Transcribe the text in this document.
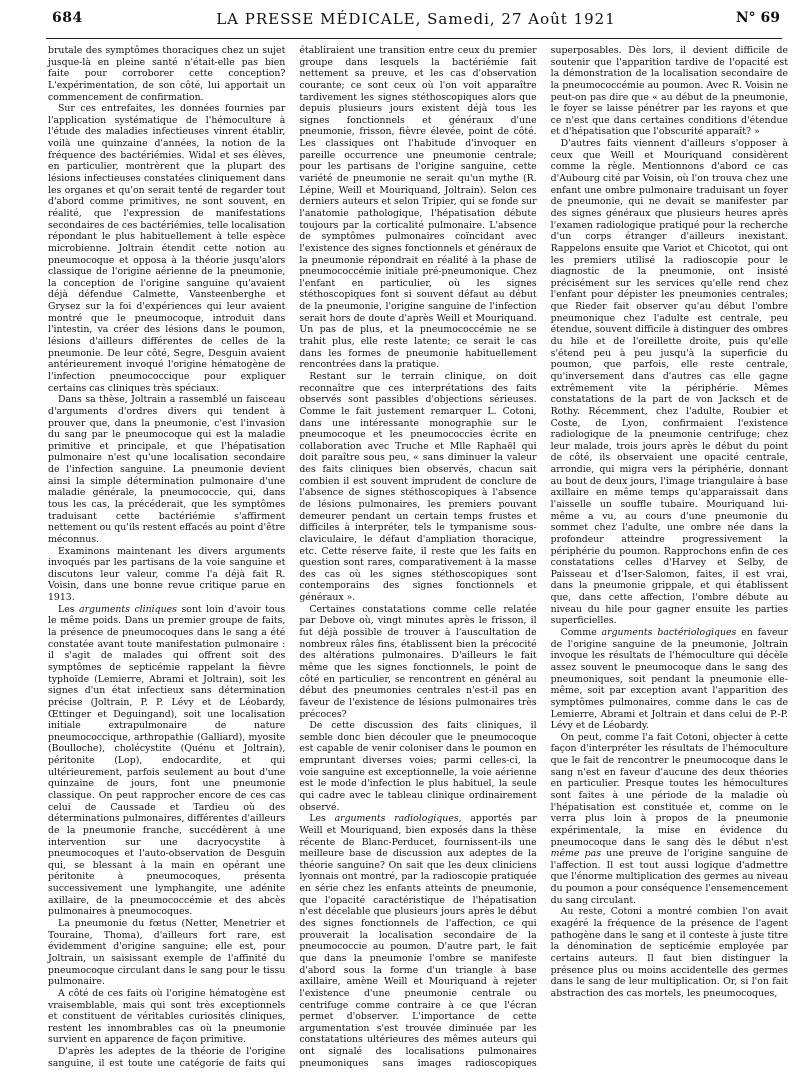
684	LA PRESSE MÉDICALE, Samedi, 27 Août 1921	N° 69

brutale des symptômes thoraciques chez un sujet jusque-là en pleine santé n'était-elle pas bien faite pour corroborer cette conception? L'expérimentation, de son côté, lui apportait un commencement de confirmation.

Sur ces entrefaites, les données fournies par l'application systématique de l'hémoculture à l'étude des maladies infectieuses vinrent établir, voilà une quinzaine d'années, la notion de la fréquence des bactériémies. Widal et ses élèves, en particulier, montrèrent que la plupart des lésions infectieuses constatées cliniquement dans les organes et qu'on serait tenté de regarder tout d'abord comme primitives, ne sont souvent, en réalité, que l'expression de manifestations secondaires de ces bactériémies, telle localisation répondant le plus habituellement à telle espèce microbienne. Joltrain étendit cette notion au pneumocoque et opposa à la théorie jusqu'alors classique de l'origine aérienne de la pneumonie, la conception de l'origine sanguine qu'avaient déjà défendue Calmette, Vansteenberghe et Grysez sur la foi d'expériences qui leur avaient montré que le pneumocoque, introduit dans l'intestin, va créer des lésions dans le poumon, lésions d'ailleurs différentes de celles de la pneumonie. De leur côté, Segre, Desguin avaient antérieurement invoqué l'origine hématogène de l'infection pneumococcique pour expliquer certains cas cliniques très spéciaux.

Dans sa thèse, Joltrain a rassemblé un faisceau d'arguments d'ordres divers qui tendent à prouver que, dans la pneumonie, c'est l'invasion du sang par le pneumocoque qui est la maladie primitive et principale, et que l'hépatisation pulmonaire n'est qu'une localisation secondaire de l'infection sanguine. La pneumonie devient ainsi la simple détermination pulmonaire d'une maladie générale, la pneumococcie, qui, dans tous les cas, la précéderait, que les symptômes traduisant cette bactériémie s'affirment nettement ou qu'ils restent effacés au point d'être méconnus.

Examinons maintenant les divers arguments invoqués par les partisans de la voie sanguine et discutons leur valeur, comme l'a déjà fait R. Voisin, dans une bonne revue critique parue en 1913.

Les arguments cliniques sont loin d'avoir tous le même poids. Dans un premier groupe de faits, la présence de pneumocoques dans le sang a été constatée avant toute manifestation pulmonaire : il s'agit de malades qui offrent soit des symptômes de septicémie rappelant la fièvre typhoïde (Lemierre, Abrami et Joltrain), soit les signes d'un état infectieux sans détermination précise (Joltrain, P. P. Lévy et de Léobardy, Œttinger et Deguingand), soit une localisation initiale extrapulmonaire de nature pneumococcique, arthropathie (Galliard), myosite (Boulloche), cholécystite (Quénu et Joltrain), péritonite (Lop), endocardite, et qui ultérieurement, parfois seulement au bout d'une quinzaine de jours, font une pneumonie classique. On peut rapprocher encore de ces cas celui de Caussade et Tardieu où des déterminations pulmonaires, différentes d'ailleurs de la pneumonie franche, succédèrent à une intervention sur une dacryocystite à pneumocoques et l'auto-observation de Desguin qui, se blessant à la main en opérant une péritonite à pneumocoques, présenta successivement une lymphangite, une adénite axillaire, de la pneumococcémie et des abcès pulmonaires à pneumocoques.

La pneumonie du fœtus (Netter, Menetrier et Touraine, Thoma), d'ailleurs fort rare, est évidemment d'origine sanguine; elle est, pour Joltrain, un saisissant exemple de l'affinité du pneumocoque circulant dans le sang pour le tissu pulmonaire.

A côté de ces faits où l'origine hématogène est vraisemblable, mais qui sont très exceptionnels et constituent de véritables curiosités cliniques, restent les innombrables cas où la pneumonie survient en apparence de façon primitive.

D'après les adeptes de la théorie de l'origine sanguine, il est toute une catégorie de faits qui établiraient une transition entre ceux du premier groupe dans lesquels la bactériémie fait nettement sa preuve, et les cas d'observation courante; ce sont ceux où l'on voit apparaître tardivement les signes stéthoscopiques alors que depuis plusieurs jours existent déjà tous les signes fonctionnels et généraux d'une pneumonie, frisson, fièvre élevée, point de côté. Les classiques ont l'habitude d'invoquer en pareille occurrence une pneumonie centrale; pour les partisans de l'origine sanguine, cette variété de pneumonie ne serait qu'un mythe (R. Lépine, Weill et Mouriquand, Joltrain). Selon ces derniers auteurs et selon Tripier, qui se fonde sur l'anatomie pathologique, l'hépatisation débute toujours par la corticalité pulmonaire. L'absence de symptômes pulmonaires coïncidant avec l'existence des signes fonctionnels et généraux de la pneumonie répondrait en réalité à la phase de pneumococcémie initiale pré-pneumonique. Chez l'enfant en particulier, où les signes stéthoscopiques font si souvent défaut au début de la pneumonie, l'origine sanguine de l'infection serait hors de doute d'après Weill et Mouriquand. Un pas de plus, et la pneumococcémie ne se trahit plus, elle reste latente; ce serait le cas dans les formes de pneumonie habituellement rencontrées dans la pratique.

Restant sur le terrain clinique, on doit reconnaître que ces interprétations des faits observés sont passibles d'objections sérieuses. Comme le fait justement remarquer L. Cotoni, dans une intéressante monographie sur le pneumocoque et les pneumococcies écrite en collaboration avec Truche et Mlle Raphaël qui doit paraître sous peu, « sans diminuer la valeur des faits cliniques bien observés, chacun sait combien il est souvent imprudent de conclure de l'absence de signes stéthoscopiques à l'absence de lésions pulmonaires, les premiers pouvant demeurer pendant un certain temps frustes et difficiles à interpréter, tels le tympanisme sous-claviculaire, le défaut d'ampliation thoracique, etc. Cette réserve faite, il reste que les faits en question sont rares, comparativement à la masse des cas où les signes stéthoscopiques sont contemporains des signes fonctionnels et généraux ».

Certaines constatations comme celle relatée par Debove où, vingt minutes après le frisson, il fut déjà possible de trouver à l'auscultation de nombreux râles fins, établissent bien la précocité des altérations pulmonaires. D'ailleurs le fait même que les signes fonctionnels, le point de côté en particulier, se rencontrent en général au début des pneumonies centrales n'est-il pas en faveur de l'existence de lésions pulmonaires très précoces?

De cette discussion des faits cliniques, il semble donc bien découler que le pneumocoque est capable de venir coloniser dans le poumon en empruntant diverses voies; parmi celles-ci, la voie sanguine est exceptionnelle, la voie aérienne est le mode d'infection le plus habituel, la seule qui cadre avec le tableau clinique ordinairement observé.

Les arguments radiologiques, apportés par Weill et Mouriquand, bien exposés dans la thèse récente de Blanc-Perducet, fournissent-ils une meilleure base de discussion aux adeptes de la théorie sanguine? On sait que les deux cliniciens lyonnais ont montré, par la radioscopie pratiquée en série chez les enfants atteints de pneumonie, que l'opacité caractéristique de l'hépatisation n'est décelable que plusieurs jours après le début des signes fonctionnels de l'affection, ce qui prouverait la localisation secondaire de la pneumococcie au poumon. D'autre part, le fait que dans la pneumonie l'ombre se manifeste d'abord sous la forme d'un triangle à base axillaire, amène Weill et Mouriquand à rejeter l'existence d'une pneumonie centrale ou centrifuge comme contraire à ce que l'écran permet d'observer. L'importance de cette argumentation s'est trouvée diminuée par les constatations ultérieures des mêmes auteurs qui ont signalé des localisations pulmonaires pneumoniques sans images radioscopiques superposables. Dès lors, il devient difficile de soutenir que l'apparition tardive de l'opacité est la démonstration de la localisation secondaire de la pneumococcémie au poumon. Avec R. Voisin ne peut-on pas dire que « au début de la pneumonie, le foyer se laisse pénétrer par les rayons et que ce n'est que dans certaines conditions d'étendue et d'hépatisation que l'obscurité apparaît? »

D'autres faits viennent d'ailleurs s'opposer à ceux que Weill et Mouriquand considèrent comme la règle. Mentionnons d'abord ce cas d'Aubourg cité par Voisin, où l'on trouva chez une enfant une ombre pulmonaire traduisant un foyer de pneumonie, qui ne devait se manifester par des signes généraux que plusieurs heures après l'examen radiologique pratiqué pour la recherche d'un corps étranger d'ailleurs inexistant. Rappelons ensuite que Variot et Chicotot, qui ont les premiers utilisé la radioscopie pour le diagnostic de la pneumonie, ont insisté précisément sur les services qu'elle rend chez l'enfant pour dépister les pneumonies centrales; que Rieder fait observer qu'au début l'ombre pneumonique chez l'adulte est centrale, peu étendue, souvent difficile à distinguer des ombres du hile et de l'oreillette droite, puis qu'elle s'étend peu à peu jusqu'à la superficie du poumon, que parfois, elle reste centrale, qu'inversement dans d'autres cas elle gagne extrêmement vite la périphérie. Mêmes constatations de la part de von Jacksch et de Rothy. Récemment, chez l'adulte, Roubier et Coste, de Lyon, confirmaient l'existence radiologique de la pneumonie centrifuge; chez leur malade, trois jours après le début du point de côté, ils observaient une opacité centrale, arrondie, qui migra vers la périphérie, donnant au bout de deux jours, l'image triangulaire à base axillaire en même temps qu'apparaissait dans l'aisselle un souffle tubaire. Mouriquand lui-même a vu, au cours d'une pneumonie du sommet chez l'adulte, une ombre née dans la profondeur atteindre progressivement la périphérie du poumon. Rapprochons enfin de ces constatations celles d'Harvey et Selby, de Paisseau et d'Iser-Salomon, faites, il est vrai, dans la pneumonie grippale, et qui établissent que, dans cette affection, l'ombre débute au niveau du hile pour gagner ensuite les parties superficielles.

Comme arguments bactériologiques en faveur de l'origine sanguine de la pneumonie, Joltrain invoque les résultats de l'hémoculture qui décèle assez souvent le pneumocoque dans le sang des pneumoniques, soit pendant la pneumonie elle-même, soit par exception avant l'apparition des symptômes pulmonaires, comme dans le cas de Lemierre, Abrami et Joltrain et dans celui de P.-P. Lévy et de Léobardy.

On peut, comme l'a fait Cotoni, objecter à cette façon d'interpréter les résultats de l'hémoculture que le fait de rencontrer le pneumocoque dans le sang n'est en faveur d'aucune des deux théories en particulier. Presque toutes les hémocultures sont faites à une période de la maladie où l'hépatisation est constituée et, comme on le verra plus loin à propos de la pneumonie expérimentale, la mise en évidence du pneumocoque dans le sang dès le début n'est même pas une preuve de l'origine sanguine de l'affection. Il est tout aussi logique d'admettre que l'énorme multiplication des germes au niveau du poumon a pour conséquence l'ensemencement du sang circulant.

Au reste, Cotoni a montré combien l'on avait exagéré la fréquence de la présence de l'agent pathogène dans le sang et il conteste à juste titre la dénomination de septicémie employée par certains auteurs. Il faut bien distinguer la présence plus ou moins accidentelle des germes dans le sang de leur multiplication. Or, si l'on fait abstraction des cas mortels, les pneumocoques,
